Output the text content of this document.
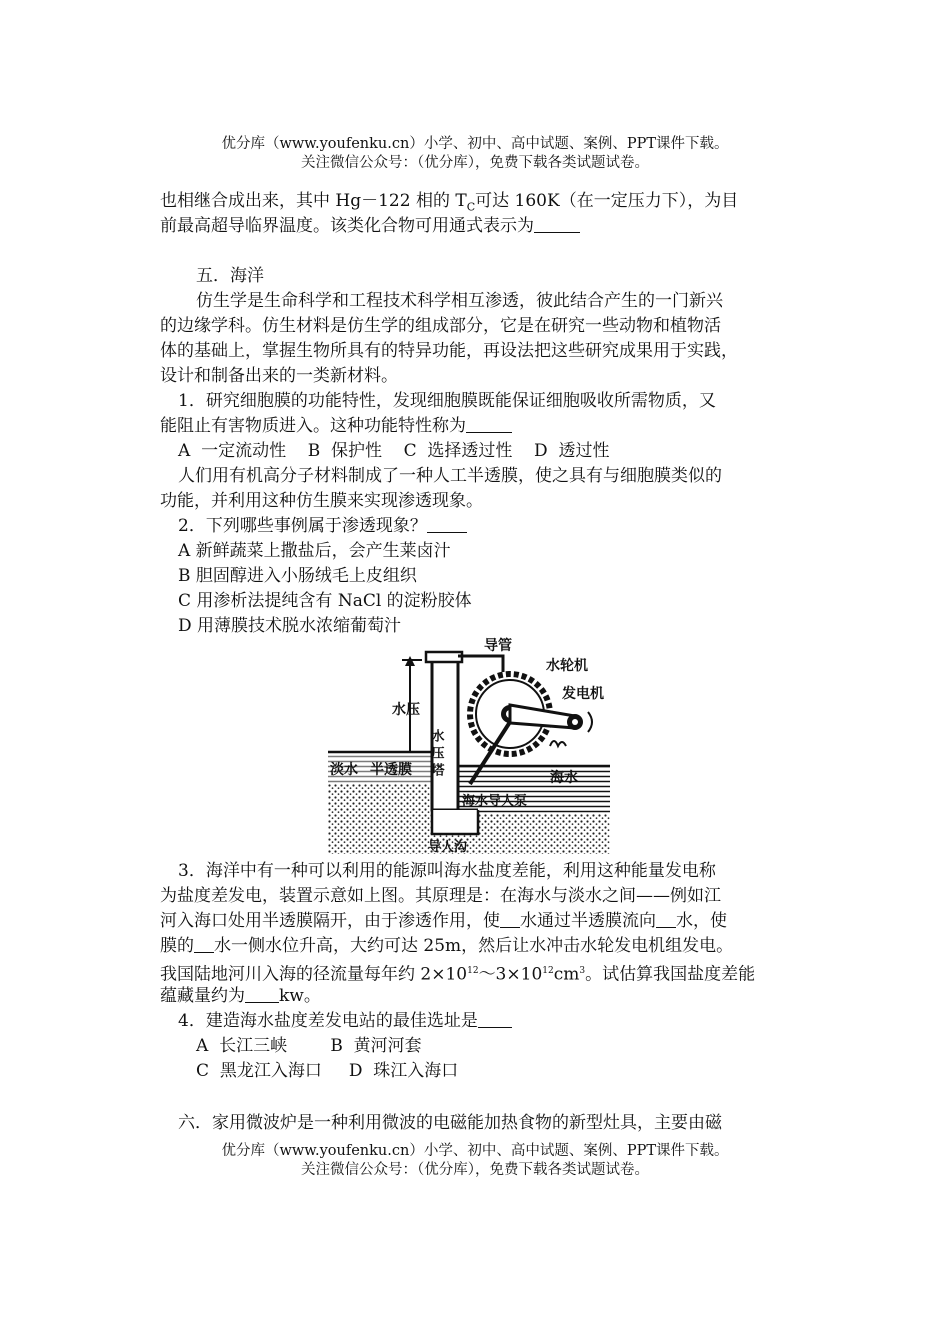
优分库（www.youfenku.cn）小学、初中、高中试题、案例、PPT课件下载。
关注微信公众号：（优分库），免费下载各类试题试卷。
也相继合成出来，其中 Hg－122 相的 $T_C$可达 160K（在一定压力下），为目
前最高超导临界温度。该类化合物可用通式表示为
五．海洋
仿生学是生命科学和工程技术科学相互渗透，彼此结合产生的一门新兴
的边缘学科。仿生材料是仿生学的组成部分，它是在研究一些动物和植物活
体的基础上，掌握生物所具有的特异功能，再设法把这些研究成果用于实践，
设计和制备出来的一类新材料。
1．研究细胞膜的功能特性，发现细胞膜既能保证细胞吸收所需物质，又
能阻止有害物质进入。这种功能特性称为
A  一定流动性    B  保护性    C  选择透过性    D  透过性
人们用有机高分子材料制成了一种人工半透膜，使之具有与细胞膜类似的
功能，并利用这种仿生膜来实现渗透现象。
2．下列哪些事例属于渗透现象？
A 新鲜蔬菜上撒盐后，会产生莱卤汁
B 胆固醇进入小肠绒毛上皮组织
C 用渗析法提纯含有 NaCl 的淀粉胶体
D 用薄膜技术脱水浓缩葡萄汁
导管
水轮机
发电机
水压
水压塔
淡水 半透膜	海水
海水导人泵
导人沟
3．海洋中有一种可以利用的能源叫海水盐度差能，利用这种能量发电称
为盐度差发电，装置示意如上图。其原理是：在海水与淡水之间——例如江
河入海口处用半透膜隔开，由于渗透作用，使 水通过半透膜流向 水，使
膜的 水一侧水位升高，大约可达 25m，然后让水冲击水轮发电机组发电。
我国陆地河川入海的径流量每年约 $2\times 10^{12}\sim 3\times 10^{12}cm^3$。试估算我国盐度差能
蕴藏量约为 kw。
4．建造海水盐度差发电站的最佳选址是
A  长江三峡        B  黄河河套
C  黑龙江入海口     D  珠江入海口
六．家用微波炉是一种利用微波的电磁能加热食物的新型灶具，主要由磁
优分库（www.youfenku.cn）小学、初中、高中试题、案例、PPT课件下载。
关注微信公众号：（优分库），免费下载各类试题试卷。
